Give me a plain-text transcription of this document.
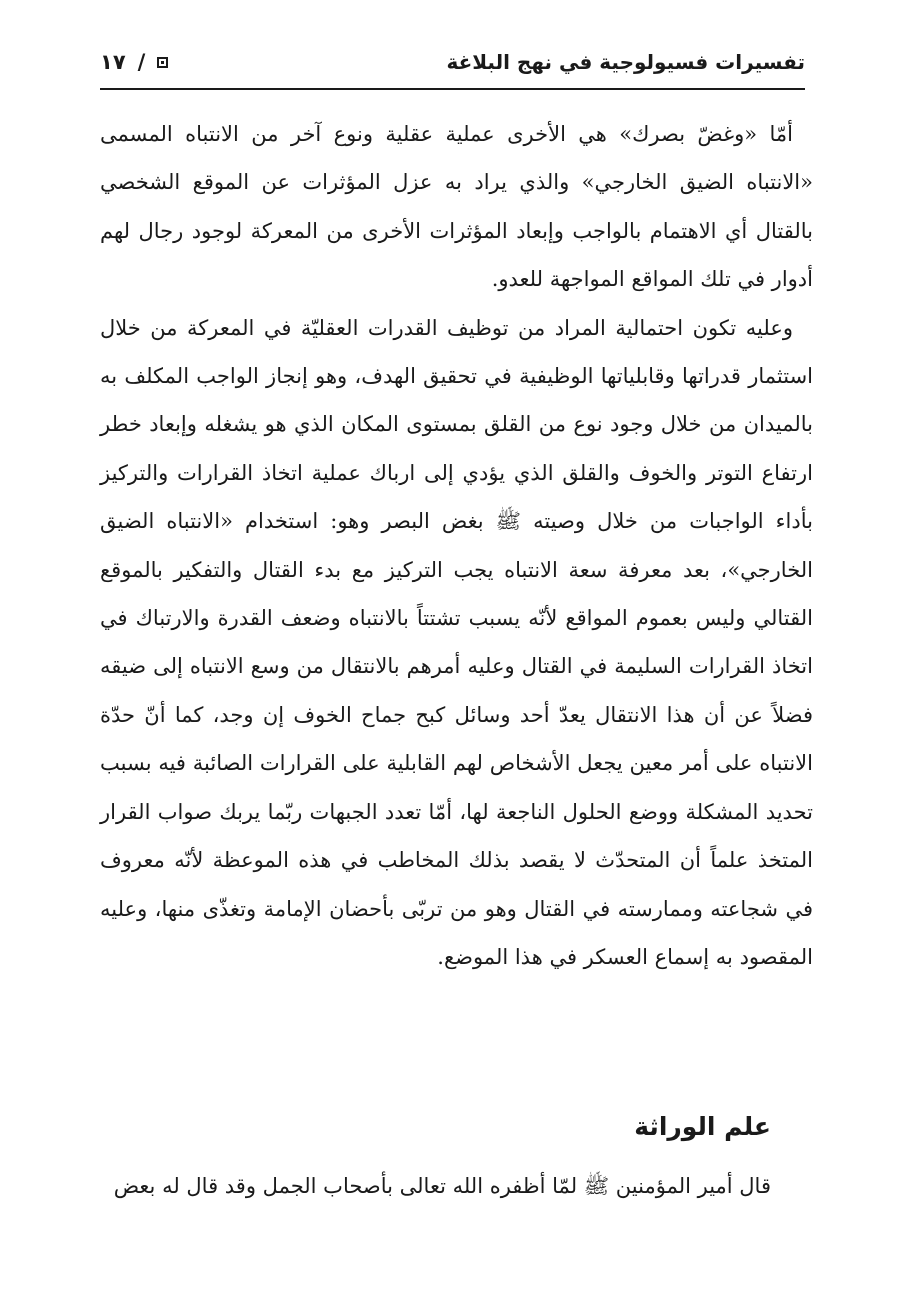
١٧ /	تفسيرات فسيولوجية في نهج البلاغة

أمّا «وغضّ بصرك» هي الأخرى عملية عقلية ونوع آخر من الانتباه المسمى «الانتباه الضيق الخارجي» والذي يراد به عزل المؤثرات عن الموقع الشخصي بالقتال أي الاهتمام بالواجب وإبعاد المؤثرات الأخرى من المعركة لوجود رجال لهم أدوار في تلك المواقع المواجهة للعدو.

وعليه تكون احتمالية المراد من توظيف القدرات العقليّة في المعركة من خلال استثمار قدراتها وقابلياتها الوظيفية في تحقيق الهدف، وهو إنجاز الواجب المكلف به بالميدان من خلال وجود نوع من القلق بمستوى المكان الذي هو يشغله وإبعاد خطر ارتفاع التوتر والخوف والقلق الذي يؤدي إلى ارباك عملية اتخاذ القرارات والتركيز بأداء الواجبات من خلال وصيته ﷺ بغض البصر وهو: استخدام «الانتباه الضيق الخارجي»، بعد معرفة سعة الانتباه يجب التركيز مع بدء القتال والتفكير بالموقع القتالي وليس بعموم المواقع لأنّه يسبب تشتتاً بالانتباه وضعف القدرة والارتباك في اتخاذ القرارات السليمة في القتال وعليه أمرهم بالانتقال من وسع الانتباه إلى ضيقه فضلاً عن أن هذا الانتقال يعدّ أحد وسائل كبح جماح الخوف إن وجد، كما أنّ حدّة الانتباه على أمر معين يجعل الأشخاص لهم القابلية على القرارات الصائبة فيه بسبب تحديد المشكلة ووضع الحلول الناجعة لها، أمّا تعدد الجبهات ربّما يربك صواب القرار المتخذ علماً أن المتحدّث لا يقصد بذلك المخاطب في هذه الموعظة لأنّه معروف في شجاعته وممارسته في القتال وهو من تربّى بأحضان الإمامة وتغذّى منها، وعليه المقصود به إسماع العسكر في هذا الموضع.

علم الوراثة

قال أمير المؤمنين ﷺ لمّا أظفره الله تعالى بأصحاب الجمل وقد قال له بعض
